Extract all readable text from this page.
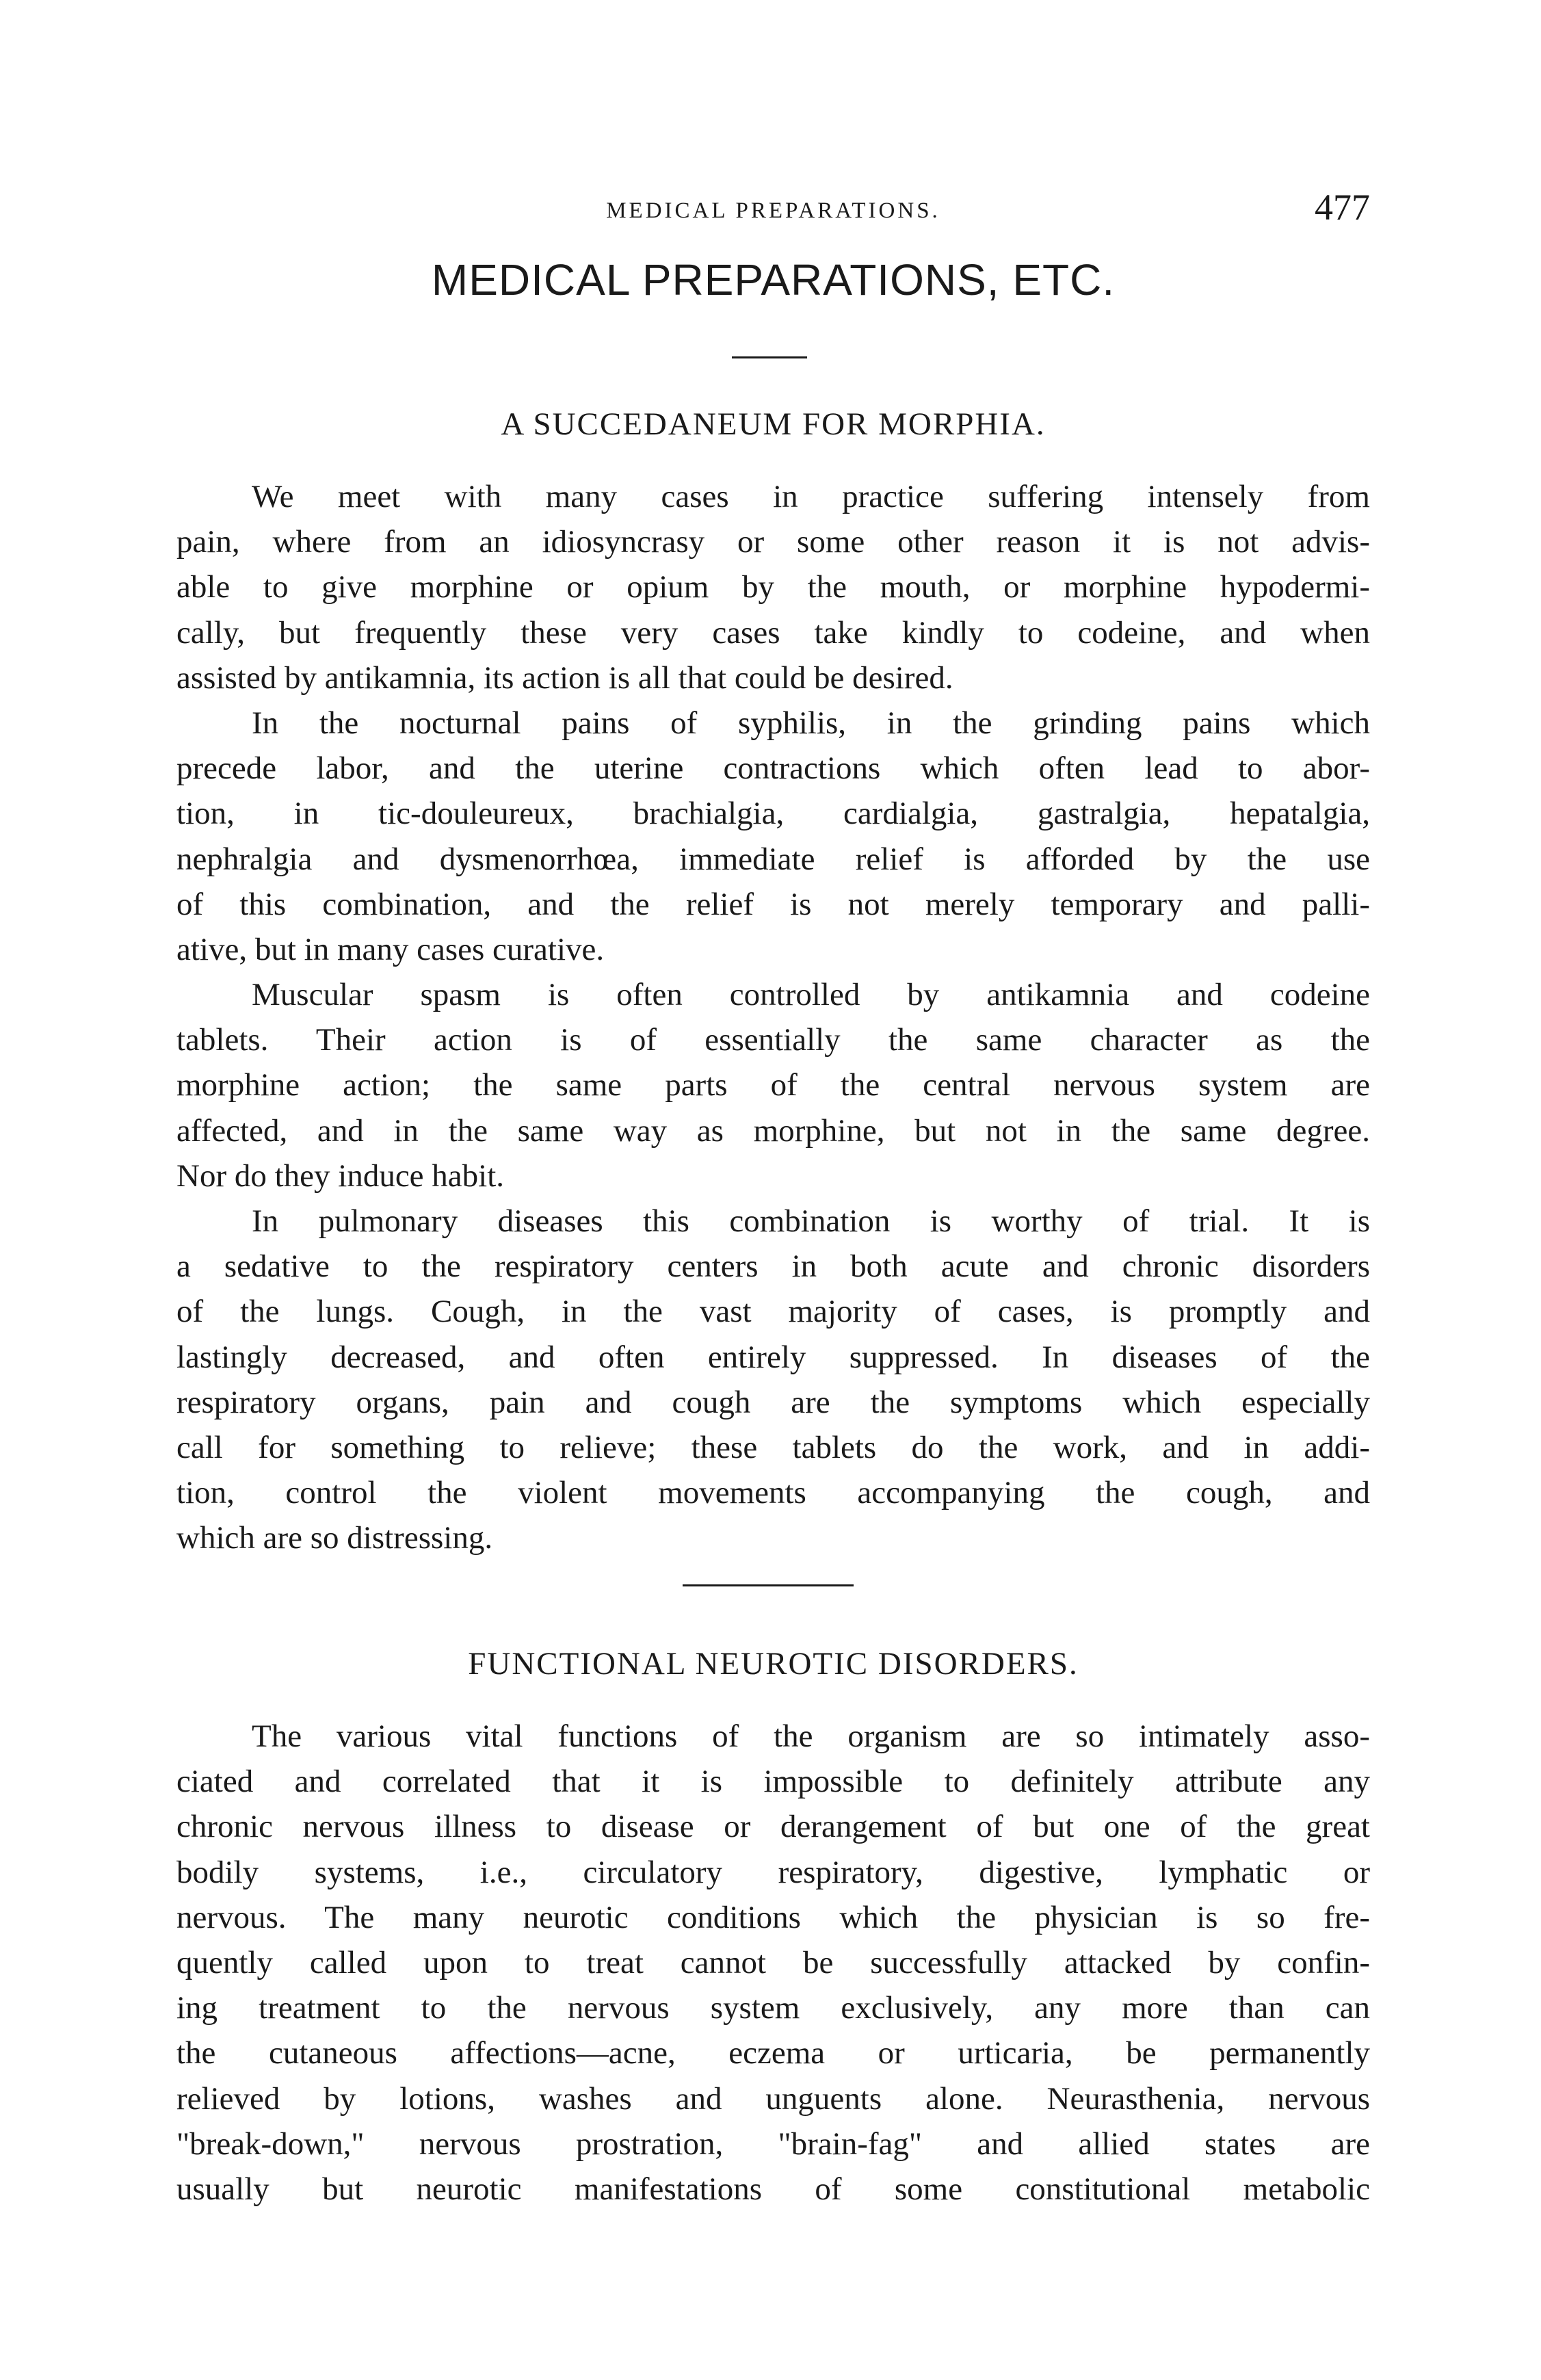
MEDICAL PREPARATIONS.	477
MEDICAL PREPARATIONS, ETC.
A SUCCEDANEUM FOR MORPHIA.
We meet with many cases in practice suffering intensely from
pain, where from an idiosyncrasy or some other reason it is not advis-
able to give morphine or opium by the mouth, or morphine hypodermi-
cally, but frequently these very cases take kindly to codeine, and when
assisted by antikamnia, its action is all that could be desired.
In the nocturnal pains of syphilis, in the grinding pains which
precede labor, and the uterine contractions which often lead to abor-
tion, in tic-douleureux, brachialgia, cardialgia, gastralgia, hepatalgia,
nephralgia and dysmenorrhœa, immediate relief is afforded by the use
of this combination, and the relief is not merely temporary and palli-
ative, but in many cases curative.
Muscular spasm is often controlled by antikamnia and codeine
tablets. Their action is of essentially the same character as the
morphine action; the same parts of the central nervous system are
affected, and in the same way as morphine, but not in the same degree.
Nor do they induce habit.
In pulmonary diseases this combination is worthy of trial. It is
a sedative to the respiratory centers in both acute and chronic disorders
of the lungs. Cough, in the vast majority of cases, is promptly and
lastingly decreased, and often entirely suppressed. In diseases of the
respiratory organs, pain and cough are the symptoms which especially
call for something to relieve; these tablets do the work, and in addi-
tion, control the violent movements accompanying the cough, and
which are so distressing.
FUNCTIONAL NEUROTIC DISORDERS.
The various vital functions of the organism are so intimately asso-
ciated and correlated that it is impossible to definitely attribute any
chronic nervous illness to disease or derangement of but one of the great
bodily systems, i.e., circulatory respiratory, digestive, lymphatic or
nervous. The many neurotic conditions which the physician is so fre-
quently called upon to treat cannot be successfully attacked by confin-
ing treatment to the nervous system exclusively, any more than can
the cutaneous affections—acne, eczema or urticaria, be permanently
relieved by lotions, washes and unguents alone. Neurasthenia, nervous
"break-down," nervous prostration, "brain-fag" and allied states are
usually but neurotic manifestations of some constitutional metabolic
